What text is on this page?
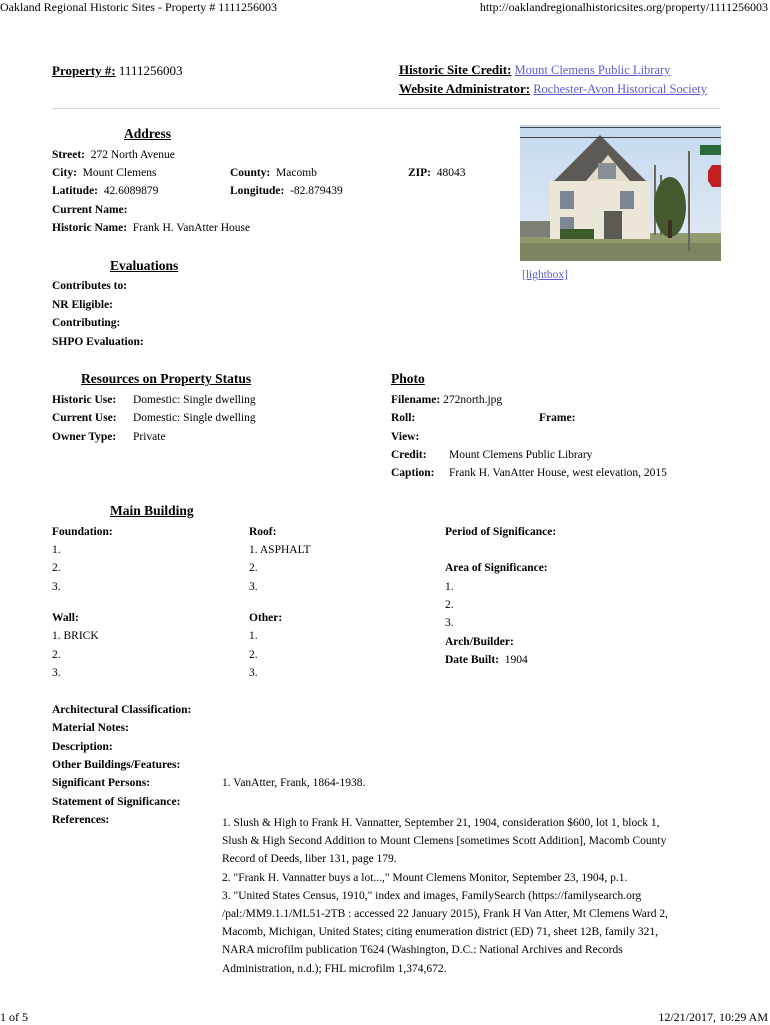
Oakland Regional Historic Sites - Property # 1111256003	http://oaklandregionalhistoricsites.org/property/1111256003
1 of 5	12/21/2017, 10:29 AM
Property #: 1111256003	Historic Site Credit: Mount Clemens Public Library
Website Administrator: Rochester-Avon Historical Society
Address
Street: 272 North Avenue
City: Mount Clemens	County: Macomb	ZIP: 48043
Latitude: 42.6089879	Longitude: -82.879439
Current Name:
Historic Name: Frank H. VanAtter House
Evaluations
[lightbox]
Contributes to:
NR Eligible:
Contributing:
SHPO Evaluation:
Resources on Property Status
Historic Use: Domestic: Single dwelling
Current Use: Domestic: Single dwelling
Owner Type: Private
Photo
Filename: 272north.jpg
Roll:	Frame:
View:
Credit: Mount Clemens Public Library
Caption: Frank H. VanAtter House, west elevation, 2015
Main Building
Foundation:
1.
2.
3.
Roof:
1. ASPHALT
2.
3.
Wall:
1. BRICK
2.
3.
Other:
1.
2.
3.
Period of Significance:
Area of Significance:
1.
2.
3.
Arch/Builder:
Date Built: 1904
Architectural Classification:
Material Notes:
Description:
Other Buildings/Features:
Significant Persons:	1. VanAtter, Frank, 1864-1938.
Statement of Significance:
References:	1. Slush & High to Frank H. Vannatter, September 21, 1904, consideration $600, lot 1, block 1,
Slush & High Second Addition to Mount Clemens [sometimes Scott Addition], Macomb County
Record of Deeds, liber 131, page 179.
2. "Frank H. Vannatter buys a lot...," Mount Clemens Monitor, September 23, 1904, p.1.
3. "United States Census, 1910," index and images, FamilySearch (https://familysearch.org
/pal:/MM9.1.1/ML51-2TB : accessed 22 January 2015), Frank H Van Atter, Mt Clemens Ward 2,
Macomb, Michigan, United States; citing enumeration district (ED) 71, sheet 12B, family 321,
NARA microfilm publication T624 (Washington, D.C.: National Archives and Records
Administration, n.d.); FHL microfilm 1,374,672.
